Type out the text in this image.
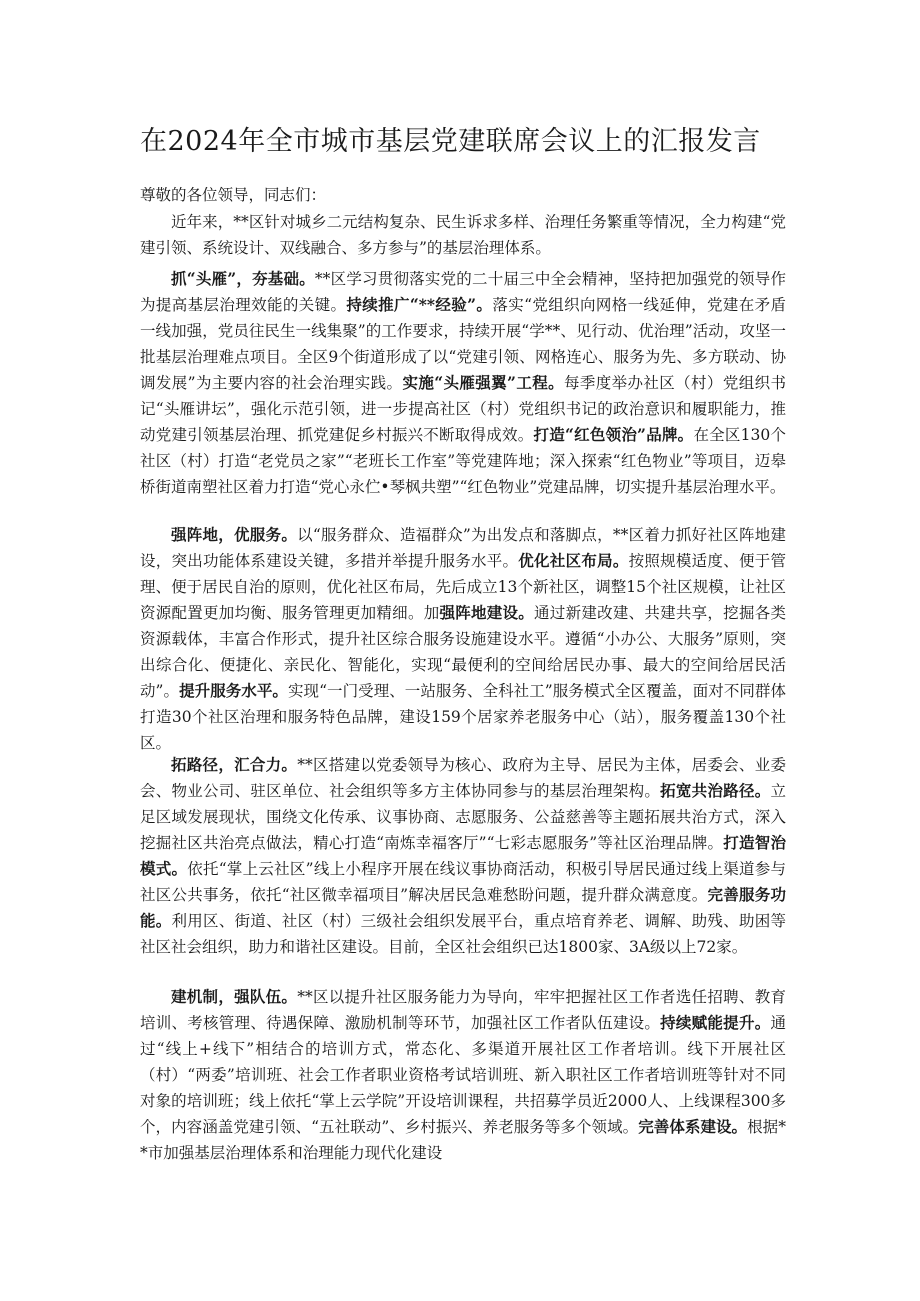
在2024年全市城市基层党建联席会议上的汇报发言

尊敬的各位领导，同志们：

近年来，**区针对城乡二元结构复杂、民生诉求多样、治理任务繁重等情况，全力构建“党建引领、系统设计、双线融合、多方参与”的基层治理体系。

抓“头雁”，夯基础。**区学习贯彻落实党的二十届三中全会精神，坚持把加强党的领导作为提高基层治理效能的关键。持续推广“**经验”。落实“党组织向网格一线延伸，党建在矛盾一线加强，党员往民生一线集聚”的工作要求，持续开展“学**、见行动、优治理”活动，攻坚一批基层治理难点项目。全区9个街道形成了以“党建引领、网格连心、服务为先、多方联动、协调发展”为主要内容的社会治理实践。实施“头雁强翼”工程。每季度举办社区（村）党组织书记“头雁讲坛”，强化示范引领，进一步提高社区（村）党组织书记的政治意识和履职能力，推动党建引领基层治理、抓党建促乡村振兴不断取得成效。打造“红色领治”品牌。在全区130个社区（村）打造“老党员之家”“老班长工作室”等党建阵地；深入探索“红色物业”等项目，迈皋桥街道南塑社区着力打造“党心永伫•琴枫共塑”“红色物业”党建品牌，切实提升基层治理水平。

强阵地，优服务。以“服务群众、造福群众”为出发点和落脚点，**区着力抓好社区阵地建设，突出功能体系建设关键，多措并举提升服务水平。优化社区布局。按照规模适度、便于管理、便于居民自治的原则，优化社区布局，先后成立13个新社区，调整15个社区规模，让社区资源配置更加均衡、服务管理更加精细。加强阵地建设。通过新建改建、共建共享，挖掘各类资源载体，丰富合作形式，提升社区综合服务设施建设水平。遵循“小办公、大服务”原则，突出综合化、便捷化、亲民化、智能化，实现“最便利的空间给居民办事、最大的空间给居民活动”。提升服务水平。实现“一门受理、一站服务、全科社工”服务模式全区覆盖，面对不同群体打造30个社区治理和服务特色品牌，建设159个居家养老服务中心（站），服务覆盖130个社区。

拓路径，汇合力。**区搭建以党委领导为核心、政府为主导、居民为主体，居委会、业委会、物业公司、驻区单位、社会组织等多方主体协同参与的基层治理架构。拓宽共治路径。立足区域发展现状，围绕文化传承、议事协商、志愿服务、公益慈善等主题拓展共治方式，深入挖掘社区共治亮点做法，精心打造“南炼幸福客厅”“七彩志愿服务”等社区治理品牌。打造智治模式。依托“掌上云社区”线上小程序开展在线议事协商活动，积极引导居民通过线上渠道参与社区公共事务，依托“社区微幸福项目”解决居民急难愁盼问题，提升群众满意度。完善服务功能。利用区、街道、社区（村）三级社会组织发展平台，重点培育养老、调解、助残、助困等社区社会组织，助力和谐社区建设。目前，全区社会组织已达1800家、3A级以上72家。

建机制，强队伍。**区以提升社区服务能力为导向，牢牢把握社区工作者选任招聘、教育培训、考核管理、待遇保障、激励机制等环节，加强社区工作者队伍建设。持续赋能提升。通过“线上+线下”相结合的培训方式，常态化、多渠道开展社区工作者培训。线下开展社区（村）“两委”培训班、社会工作者职业资格考试培训班、新入职社区工作者培训班等针对不同对象的培训班；线上依托“掌上云学院”开设培训课程，共招募学员近2000人、上线课程300多个，内容涵盖党建引领、“五社联动”、乡村振兴、养老服务等多个领域。完善体系建设。根据**市加强基层治理体系和治理能力现代化建设
